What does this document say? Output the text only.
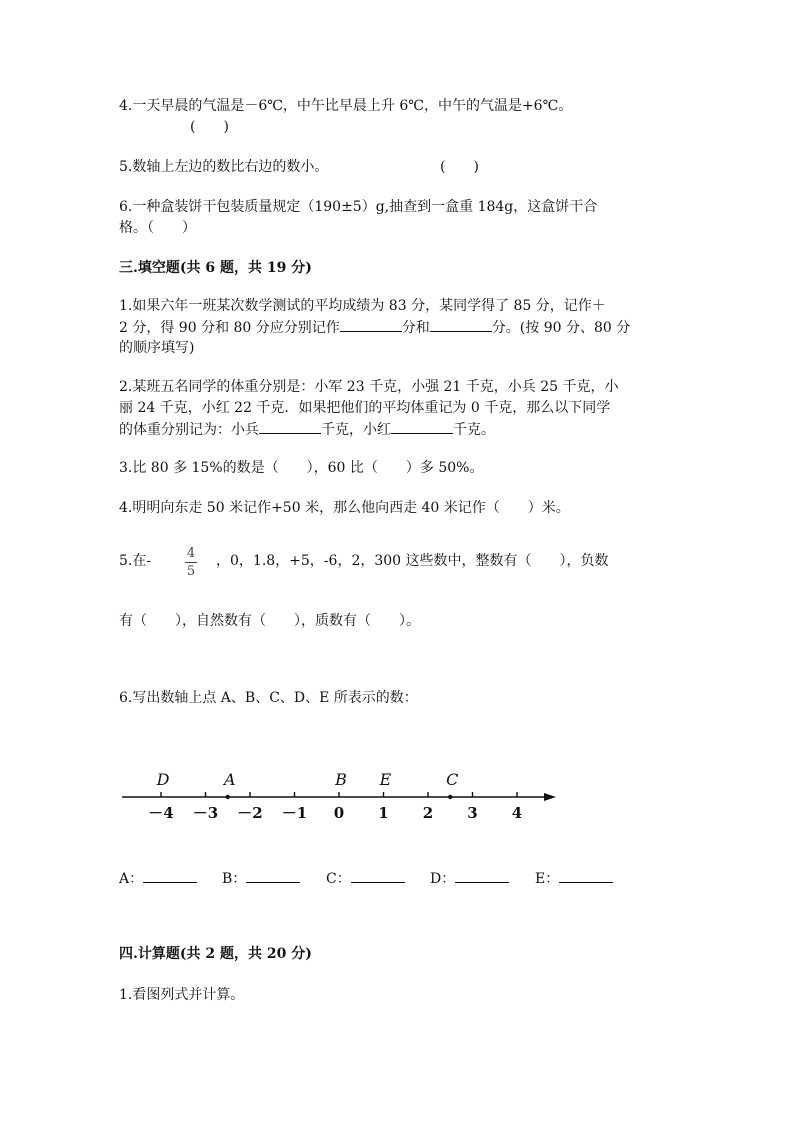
4.一天早晨的气温是－6℃，中午比早晨上升 6℃，中午的气温是+6℃。
(　　)
5.数轴上左边的数比右边的数小。	(　　)
6.一种盒装饼干包装质量规定（190±5）g,抽查到一盒重 184g，这盒饼干合
格。（　　）
三.填空题(共 6 题，共 19 分)
1.如果六年一班某次数学测试的平均成绩为 83 分，某同学得了 85 分，记作＋
2 分，得 90 分和 80 分应分别记作	分和	分。(按 90 分、80 分
的顺序填写)
2.某班五名同学的体重分别是：小军 23 千克，小强 21 千克，小兵 25 千克，小
丽 24 千克，小红 22 千克．如果把他们的平均体重记为 0 千克，那么以下同学
的体重分别记为：小兵	千克，小红	千克。
3.比 80 多 15%的数是（　　），60 比（　　）多 50%。
4.明明向东走 50 米记作+50 米，那么他向西走 40 米记作（　　）米。
5.在-	4
5
，0，1.8，+5，-6，2，300 这些数中，整数有（　　），负数
有（　　），自然数有（　　），质数有（　　）。
6.写出数轴上点 A、B、C、D、E 所表示的数：
－4 －3 －2 －1 0 1 2 3 4
D	A	B E	C
A：	B：	C：	D：	E：
四.计算题(共 2 题，共 20 分)
1.看图列式并计算。
